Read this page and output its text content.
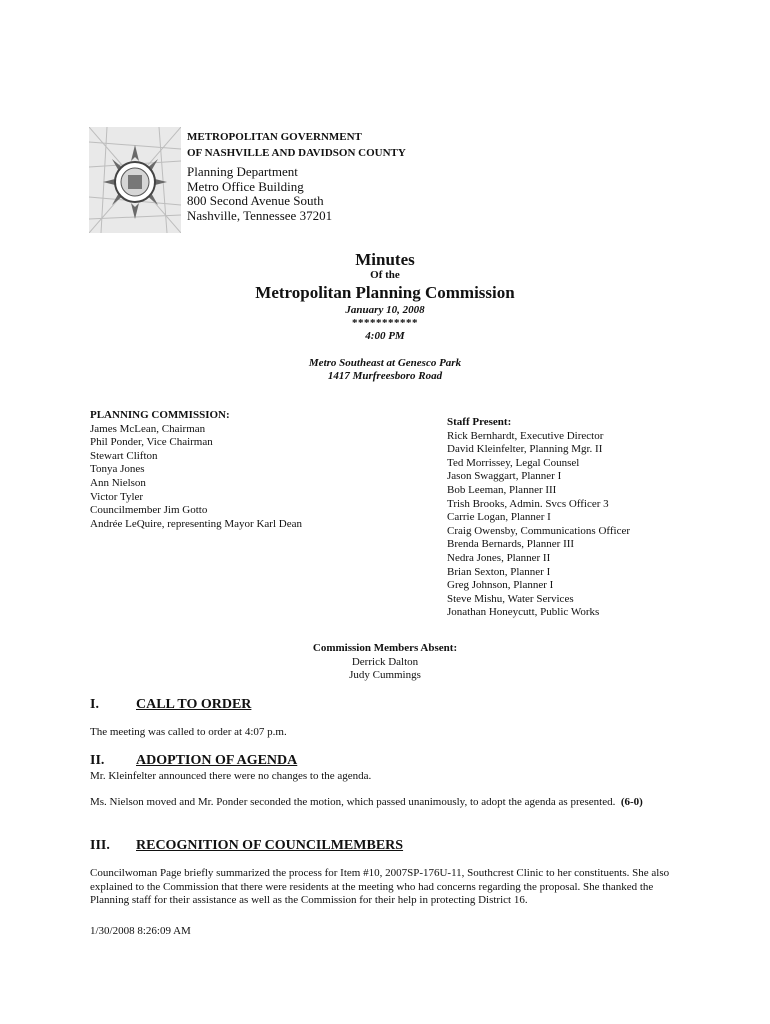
METROPOLITAN GOVERNMENT
OF NASHVILLE AND DAVIDSON COUNTY
Planning Department
Metro Office Building
800 Second Avenue South
Nashville, Tennessee 37201
Minutes
Of the
Metropolitan Planning Commission
January 10, 2008
***********
4:00 PM
Metro Southeast at Genesco Park
1417 Murfreesboro Road
PLANNING COMMISSION:
James McLean, Chairman
Phil Ponder, Vice Chairman
Stewart Clifton
Tonya Jones
Ann Nielson
Victor Tyler
Councilmember Jim Gotto
Andrée LeQuire, representing Mayor Karl Dean
Staff Present:
Rick Bernhardt, Executive Director
David Kleinfelter, Planning Mgr. II
Ted Morrissey, Legal Counsel
Jason Swaggart, Planner I
Bob Leeman, Planner III
Trish Brooks, Admin. Svcs Officer 3
Carrie Logan, Planner I
Craig Owensby, Communications Officer
Brenda Bernards, Planner III
Nedra Jones, Planner II
Brian Sexton, Planner I
Greg Johnson, Planner I
Steve Mishu, Water Services
Jonathan Honeycutt, Public Works
Commission Members Absent:
Derrick Dalton
Judy Cummings
I.	CALL TO ORDER
The meeting was called to order at 4:07 p.m.
II. ADOPTION OF AGENDA
Mr. Kleinfelter announced there were no changes to the agenda.
Ms. Nielson moved and Mr. Ponder seconded the motion, which passed unanimously, to adopt the agenda as presented. (6-0)
III. RECOGNITION OF COUNCILMEMBERS
Councilwoman Page briefly summarized the process for Item #10, 2007SP-176U-11, Southcrest Clinic to her constituents. She also explained to the Commission that there were residents at the meeting who had concerns regarding the proposal. She thanked the Planning staff for their assistance as well as the Commission for their help in protecting District 16.
1/30/2008 8:26:09 AM
